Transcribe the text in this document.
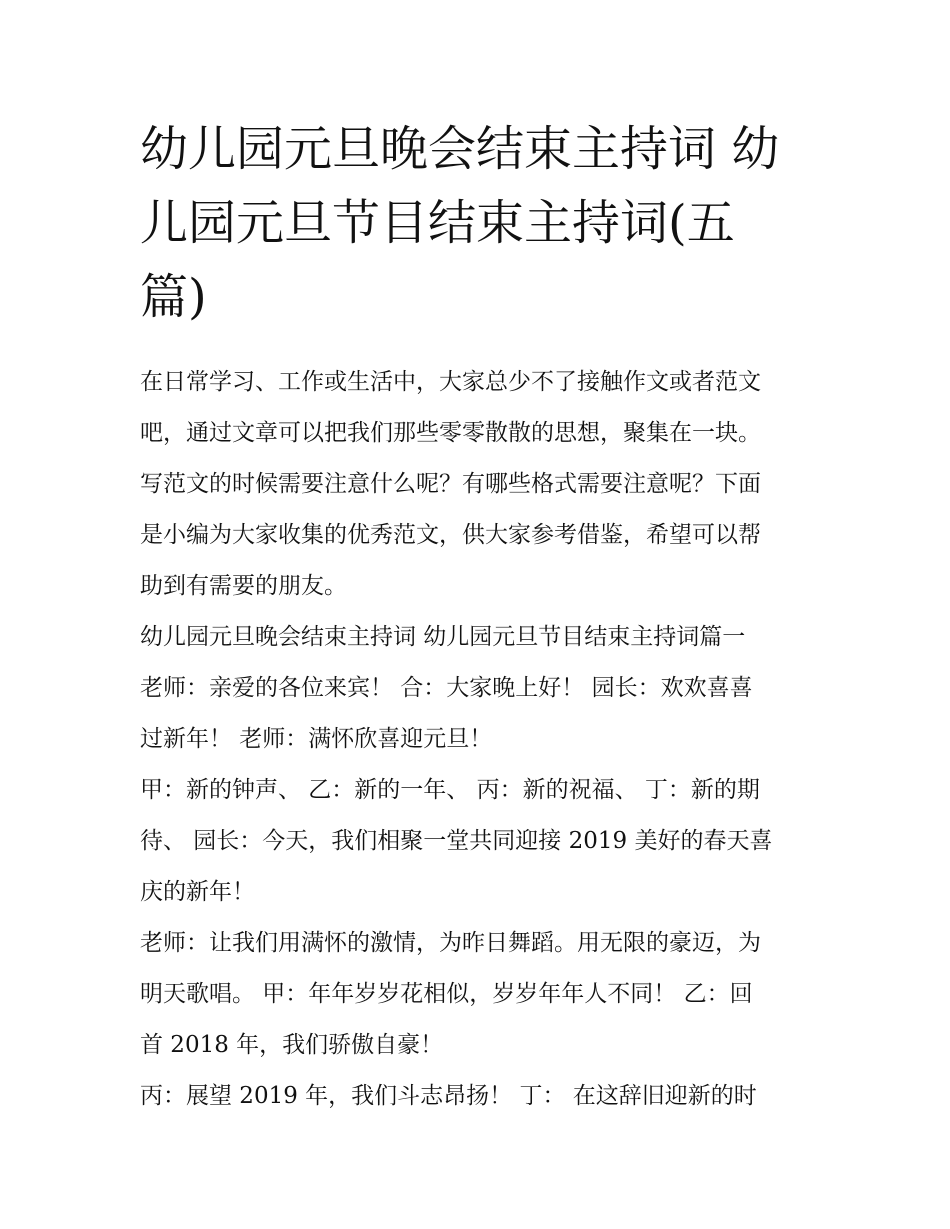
幼儿园元旦晚会结束主持词 幼
儿园元旦节目结束主持词(五
篇)

在日常学习、工作或生活中，大家总少不了接触作文或者范文
吧，通过文章可以把我们那些零零散散的思想，聚集在一块。
写范文的时候需要注意什么呢？有哪些格式需要注意呢？下面
是小编为大家收集的优秀范文，供大家参考借鉴，希望可以帮
助到有需要的朋友。

幼儿园元旦晚会结束主持词 幼儿园元旦节目结束主持词篇一
老师：亲爱的各位来宾！ 合：大家晚上好！ 园长：欢欢喜喜
过新年！ 老师：满怀欣喜迎元旦！

甲：新的钟声、 乙：新的一年、 丙：新的祝福、 丁：新的期
待、 园长：今天，我们相聚一堂共同迎接 2019 美好的春天喜
庆的新年！

老师：让我们用满怀的激情，为昨日舞蹈。用无限的豪迈，为
明天歌唱。 甲：年年岁岁花相似，岁岁年年人不同！ 乙：回
首 2018 年，我们骄傲自豪！

丙：展望 2019 年，我们斗志昂扬！ 丁： 在这辞旧迎新的时
